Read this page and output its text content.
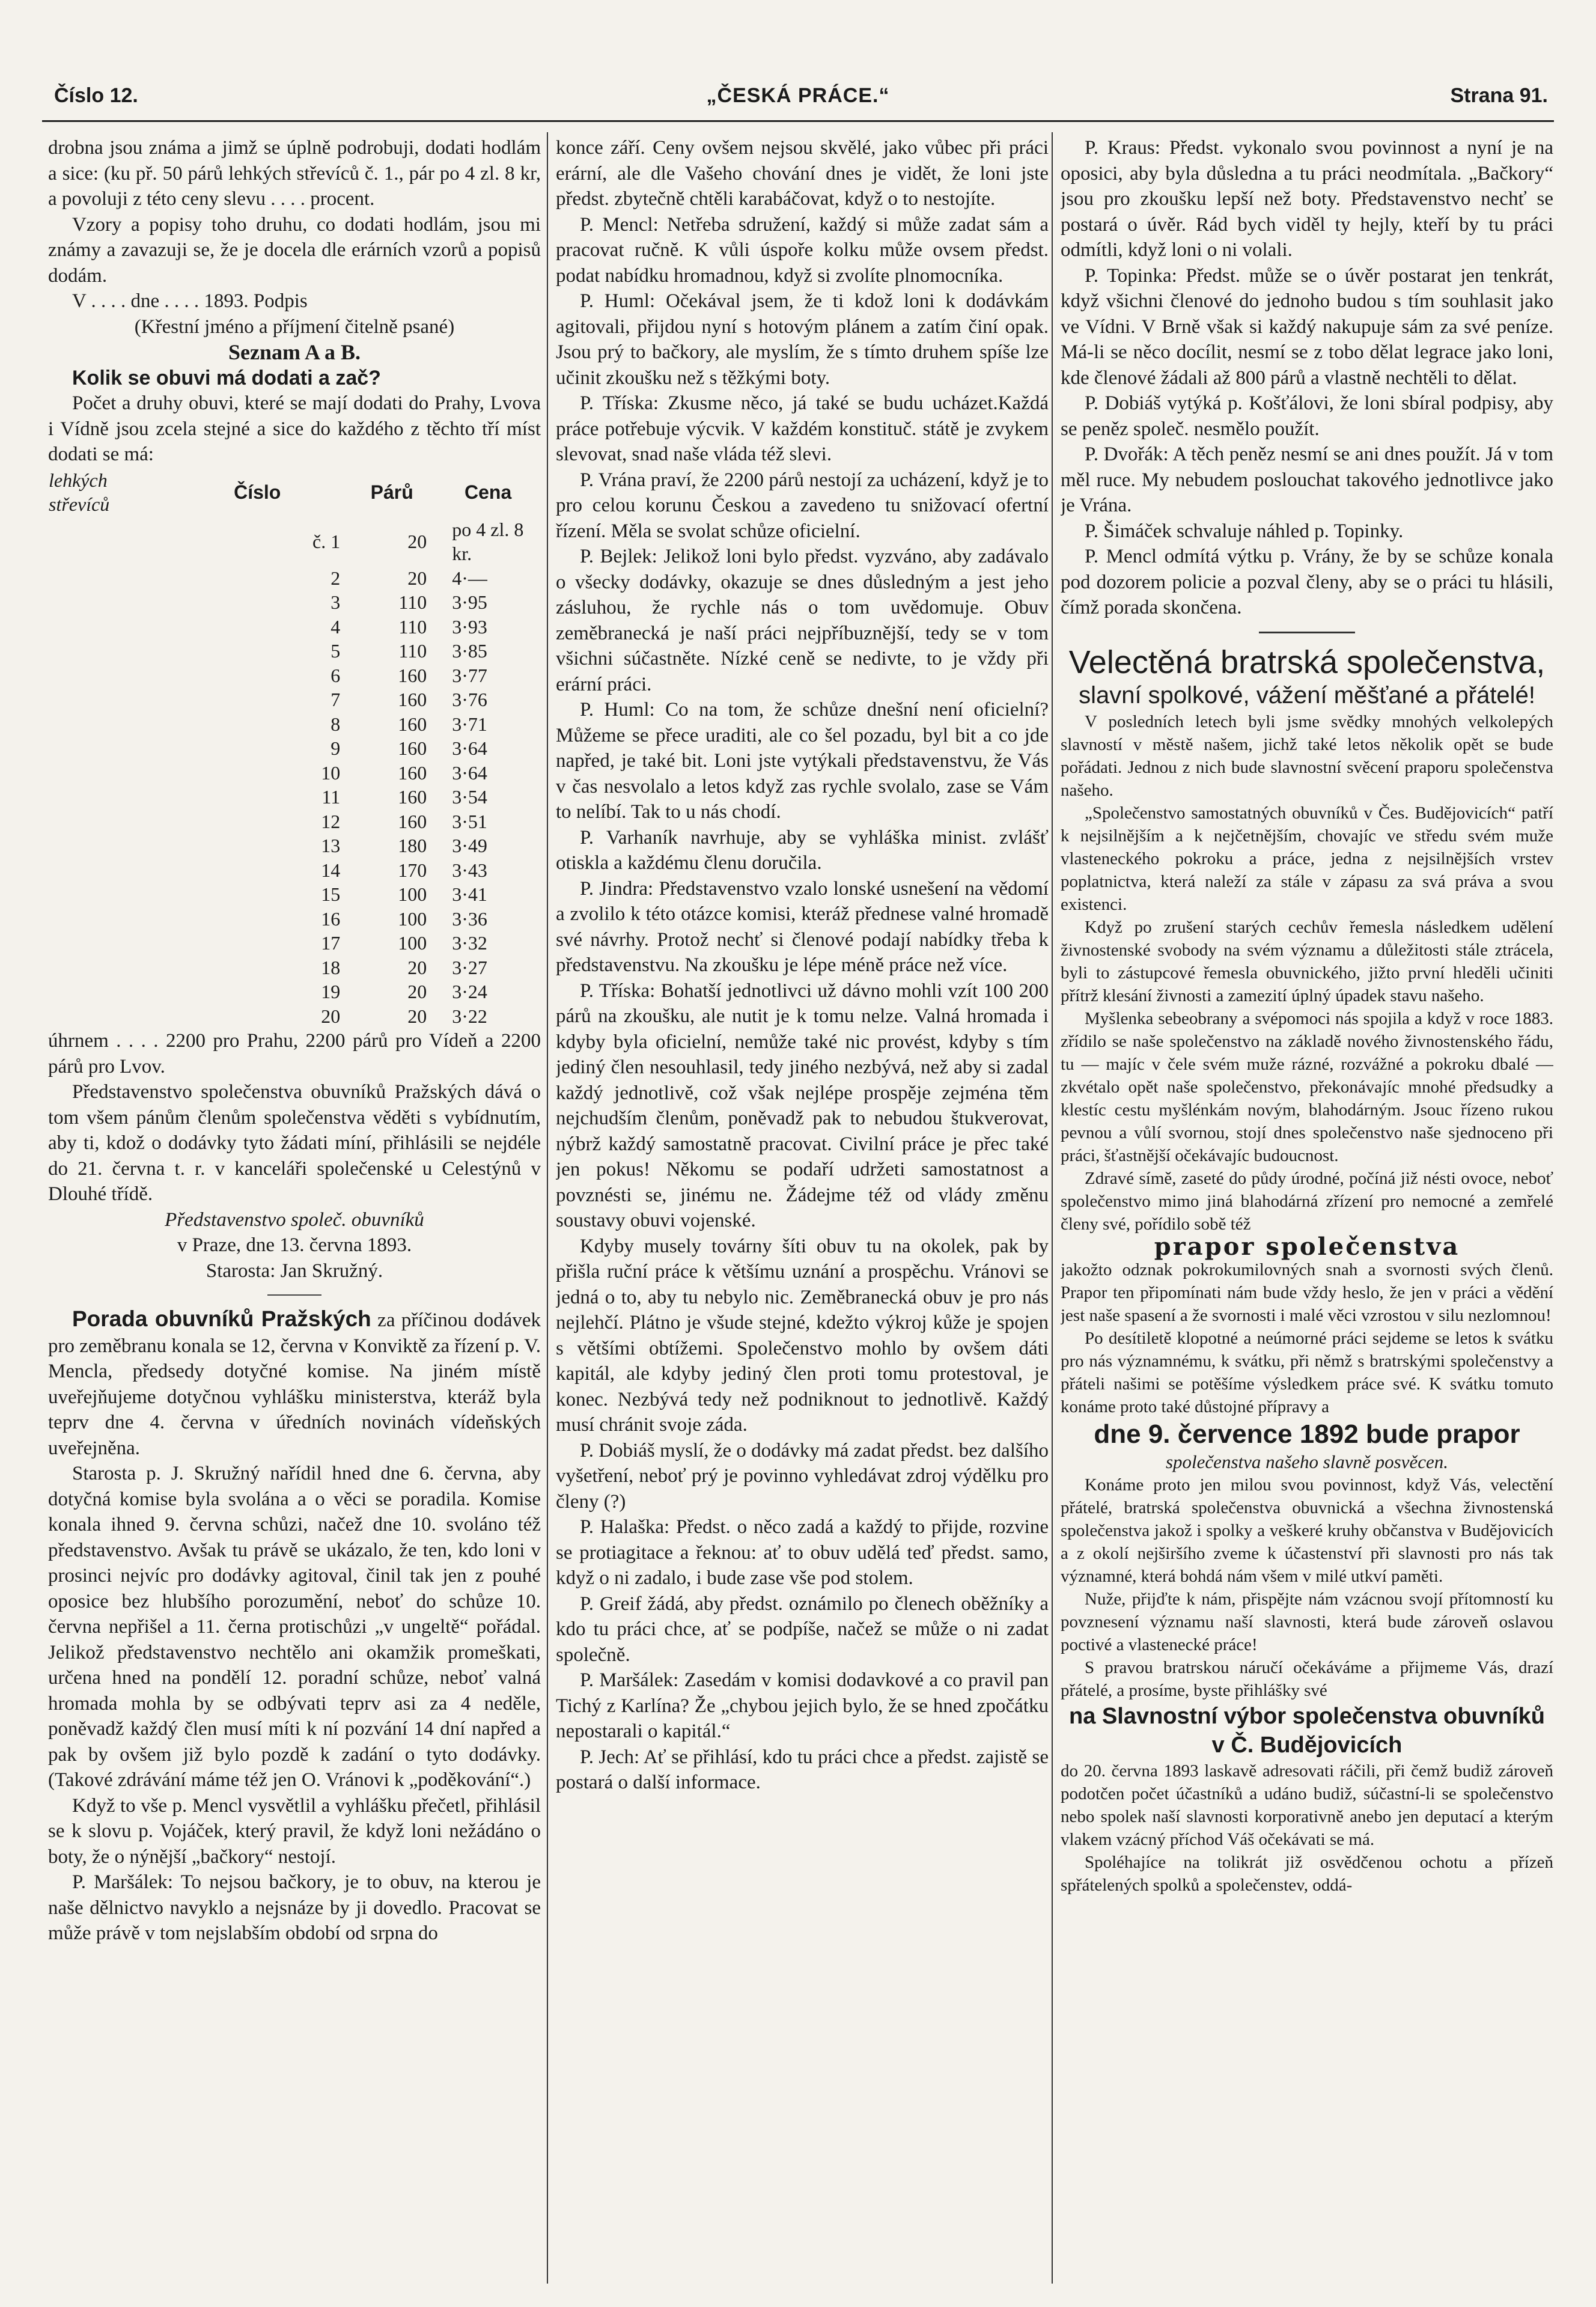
Číslo 12.	„ČESKÁ PRÁCE.“	Strana 91.

drobna jsou známa a jimž se úplně podrobuji, dodati hodlám a sice: (ku př. 50 párů lehkých střevíců č. 1., pár po 4 zl. 8 kr, a povoluji z této ceny slevu . . . . procent.

Vzory a popisy toho druhu, co dodati hodlám, jsou mi známy a zavazuji se, že je docela dle erárních vzorů a popisů dodám.

V . . . . dne . . . . 1893. Podpis

(Křestní jméno a příjmení čitelně psané)

Seznam A a B.

Kolik se obuvi má dodati a zač?

Počet a druhy obuvi, které se mají dodati do Prahy, Lvova i Vídně jsou zcela stejné a sice do každého z těchto tří míst dodati se má:

lehkých střevíců	Číslo	Párů	Cena
	č. 1	20	po 4 zl. 8 kr.
	2	20	4·—
	3	110	3·95
	4	110	3·93
	5	110	3·85
	6	160	3·77
	7	160	3·76
	8	160	3·71
	9	160	3·64
	10	160	3·64
	11	160	3·54
	12	160	3·51
	13	180	3·49
	14	170	3·43
	15	100	3·41
	16	100	3·36
	17	100	3·32
	18	20	3·27
	19	20	3·24
	20	20	3·22

úhrnem . . . . 2200 pro Prahu, 2200 párů pro Vídeň a 2200 párů pro Lvov.

Představenstvo společenstva obuvníků Pražských dává o tom všem pánům členům společenstva věděti s vybídnutím, aby ti, kdož o dodávky tyto žádati míní, přihlásili se nejdéle do 21. června t. r. v kanceláři společenské u Celestýnů v Dlouhé třídě.

Představenstvo společ. obuvníků

v Praze, dne 13. června 1893.

Starosta: Jan Skružný.

Porada obuvníků Pražských za příčinou dodávek pro zeměbranu konala se 12, června v Konviktě za řízení p. V. Mencla, předsedy dotyčné komise. Na jiném místě uveřejňujeme dotyčnou vyhlášku ministerstva, kteráž byla teprv dne 4. června v úředních novinách vídeňských uveřejněna.

Starosta p. J. Skružný nařídil hned dne 6. června, aby dotyčná komise byla svolána a o věci se poradila. Komise konala ihned 9. června schůzi, načež dne 10. svoláno též představenstvo. Avšak tu právě se ukázalo, že ten, kdo loni v prosinci nejvíc pro dodávky agitoval, činil tak jen z pouhé oposice bez hlubšího porozumění, neboť do schůze 10. června nepřišel a 11. černa protischůzi „v ungeltě“ pořádal. Jelikož představenstvo nechtělo ani okamžik promeškati, určena hned na pondělí 12. poradní schůze, neboť valná hromada mohla by se odbývati teprv asi za 4 neděle, poněvadž každý člen musí míti k ní pozvání 14 dní napřed a pak by ovšem již bylo pozdě k zadání o tyto dodávky. (Takové zdrávání máme též jen O. Vránovi k „poděkování“.)

Když to vše p. Mencl vysvětlil a vyhlášku přečetl, přihlásil se k slovu p. Vojáček, který pravil, že když loni nežádáno o boty, že o nýnější „bačkory“ nestojí.

P. Maršálek: To nejsou bačkory, je to obuv, na kterou je naše dělnictvo navyklo a nejsnáze by ji dovedlo. Pracovat se může právě v tom nejslabším období od srpna do

konce září. Ceny ovšem nejsou skvělé, jako vůbec při práci erární, ale dle Vašeho chování dnes je vidět, že loni jste předst. zbytečně chtěli karabáčovat, když o to nestojíte.

P. Mencl: Netřeba sdružení, každý si může zadat sám a pracovat ručně. K vůli úspoře kolku může ovsem předst. podat nabídku hromadnou, když si zvolíte plnomocníka.

P. Huml: Očekával jsem, že ti kdož loni k dodávkám agitovali, přijdou nyní s hotovým plánem a zatím činí opak. Jsou prý to bačkory, ale myslím, že s tímto druhem spíše lze učinit zkoušku než s těžkými boty.

P. Tříska: Zkusme něco, já také se budu ucházet.Každá práce potřebuje výcvik. V každém konstituč. státě je zvykem slevovat, snad naše vláda též slevi.

P. Vrána praví, že 2200 párů nestojí za ucházení, když je to pro celou korunu Českou a zavedeno tu snižovací ofertní řízení. Měla se svolat schůze oficielní.

P. Bejlek: Jelikož loni bylo předst. vyzváno, aby zadávalo o všecky dodávky, okazuje se dnes důsledným a jest jeho zásluhou, že rychle nás o tom uvědomuje. Obuv zeměbranecká je naší práci nejpříbuznější, tedy se v tom všichni súčastněte. Nízké ceně se nedivte, to je vždy při erární práci.

P. Huml: Co na tom, že schůze dnešní není oficielní? Můžeme se přece uraditi, ale co šel pozadu, byl bit a co jde napřed, je také bit. Loni jste vytýkali představenstvu, že Vás v čas nesvolalo a letos když zas rychle svolalo, zase se Vám to nelíbí. Tak to u nás chodí.

P. Varhaník navrhuje, aby se vyhláška minist. zvlášť otiskla a každému členu doručila.

P. Jindra: Představenstvo vzalo lonské usnešení na vědomí a zvolilo k této otázce komisi, kteráž přednese valné hromadě své návrhy. Protož nechť si členové podají nabídky třeba k představenstvu. Na zkoušku je lépe méně práce než více.

P. Tříska: Bohatší jednotlivci už dávno mohli vzít 100 200 párů na zkoušku, ale nutit je k tomu nelze. Valná hromada i kdyby byla oficielní, nemůže také nic provést, kdyby s tím jediný člen nesouhlasil, tedy jiného nezbývá, než aby si zadal každý jednotlivě, což však nejlépe prospěje zejména těm nejchudším členům, poněvadž pak to nebudou štukverovat, nýbrž každý samostatně pracovat. Civilní práce je přec také jen pokus! Někomu se podaří udržeti samostatnost a povznésti se, jinému ne. Žádejme též od vlády změnu soustavy obuvi vojenské.

Kdyby musely továrny šíti obuv tu na okolek, pak by přišla ruční práce k většímu uznání a prospěchu. Vránovi se jedná o to, aby tu nebylo nic. Zeměbranecká obuv je pro nás nejlehčí. Plátno je všude stejné, kdežto výkroj kůže je spojen s většími obtížemi. Společenstvo mohlo by ovšem dáti kapitál, ale kdyby jediný člen proti tomu protestoval, je konec. Nezbývá tedy než podniknout to jednotlivě. Každý musí chránit svoje záda.

P. Dobiáš myslí, že o dodávky má zadat předst. bez dalšího vyšetření, neboť prý je povinno vyhledávat zdroj výdělku pro členy (?)

P. Halaška: Předst. o něco zadá a každý to přijde, rozvine se protiagitace a řeknou: ať to obuv udělá teď předst. samo, když o ni zadalo, i bude zase vše pod stolem.

P. Greif žádá, aby předst. oznámilo po členech oběžníky a kdo tu práci chce, ať se podpíše, načež se může o ni zadat společně.

P. Maršálek: Zasedám v komisi dodavkové a co pravil pan Tichý z Karlína? Že „chybou jejich bylo, že se hned zpočátku nepostarali o kapitál.“

P. Jech: Ať se přihlásí, kdo tu práci chce a předst. zajistě se postará o další informace.

P. Kraus: Předst. vykonalo svou povinnost a nyní je na oposici, aby byla důsledna a tu práci neodmítala. „Bačkory“ jsou pro zkoušku lepší než boty. Představenstvo nechť se postará o úvěr. Rád bych viděl ty hejly, kteří by tu práci odmítli, když loni o ni volali.

P. Topinka: Předst. může se o úvěr postarat jen tenkrát, když všichni členové do jednoho budou s tím souhlasit jako ve Vídni. V Brně však si každý nakupuje sám za své peníze. Má-li se něco docílit, nesmí se z tobo dělat legrace jako loni, kde členové žádali až 800 párů a vlastně nechtěli to dělat.

P. Dobiáš vytýká p. Košťálovi, že loni sbíral podpisy, aby se peněz společ. nesmělo použít.

P. Dvořák: A těch peněz nesmí se ani dnes použít. Já v tom měl ruce. My nebudem poslouchat takového jednotlivce jako je Vrána.

P. Šimáček schvaluje náhled p. Topinky.

P. Mencl odmítá výtku p. Vrány, že by se schůze konala pod dozorem policie a pozval členy, aby se o práci tu hlásili, čímž porada skončena.

Velectěná bratrská společenstva,
slavní spolkové, vážení měšťané a přátelé!

V posledních letech byli jsme svědky mnohých velkolepých slavností v městě našem, jichž také letos několik opět se bude pořádati. Jednou z nich bude slavnostní svěcení praporu společenstva našeho.

„Společenstvo samostatných obuvníků v Čes. Budějovicích“ patří k nejsilnějším a k nejčetnějším, chovajíc ve středu svém muže vlasteneckého pokroku a práce, jedna z nejsilnějších vrstev poplatnictva, která naleží za stále v zápasu za svá práva a svou existenci.

Když po zrušení starých cechův řemesla následkem udělení živnostenské svobody na svém významu a důležitosti stále ztrácela, byli to zástupcové řemesla obuvnického, jižto první hleděli učiniti přítrž klesání živnosti a zamezití úplný úpadek stavu našeho.

Myšlenka sebeobrany a svépomoci nás spojila a když v roce 1883. zřídilo se naše společenstvo na základě nového živnostenského řádu, tu — majíc v čele svém muže rázné, rozvážné a pokroku dbalé — zkvétalo opět naše společenstvo, překonávajíc mnohé předsudky a klestíc cestu myšlénkám novým, blahodárným. Jsouc řízeno rukou pevnou a vůlí svornou, stojí dnes společenstvo naše sjednoceno při práci, šťastnější očekávajíc budoucnost.

Zdravé símě, zaseté do půdy úrodné, počíná již nésti ovoce, neboť společenstvo mimo jiná blahodárná zřízení pro nemocné a zemřelé členy své, pořídilo sobě též

prapor společenstva

jakožto odznak pokrokumilovných snah a svornosti svých členů. Prapor ten připomínati nám bude vždy heslo, že jen v práci a vědění jest naše spasení a že svornosti i malé věci vzrostou v silu nezlomnou!

Po desítiletě klopotné a neúmorné práci sejdeme se letos k svátku pro nás významnému, k svátku, při němž s bratrskými společenstvy a přáteli našimi se potěšíme výsledkem práce své. K svátku tomuto konáme proto také důstojné přípravy a

dne 9. července 1892 bude prapor

společenstva našeho slavně posvěcen.

Konáme proto jen milou svou povinnost, když Vás, velectění přátelé, bratrská společenstva obuvnická a všechna živnostenská společenstva jakož i spolky a veškeré kruhy občanstva v Budějovicích a z okolí nejširšího zveme k účastenství při slavnosti pro nás tak významné, která bohdá nám všem v milé utkví paměti.

Nuže, přijďte k nám, přispějte nám vzácnou svojí přítomností ku povznesení významu naší slavnosti, která bude zároveň oslavou poctivé a vlastenecké práce!

S pravou bratrskou náručí očekáváme a přijmeme Vás, drazí přátelé, a prosíme, byste přihlášky své

na Slavnostní výbor společenstva obuvníků v Č. Budějovicích

do 20. června 1893 laskavě adresovati ráčili, při čemž budiž zároveň podotčen počet účastníků a udáno budiž, súčastní-li se společenstvo nebo spolek naší slavnosti korporativně anebo jen deputací a kterým vlakem vzácný příchod Váš očekávati se má.

Spoléhajíce na tolikrát již osvědčenou ochotu a přízeň spřátelených spolků a společenstev, oddá-
